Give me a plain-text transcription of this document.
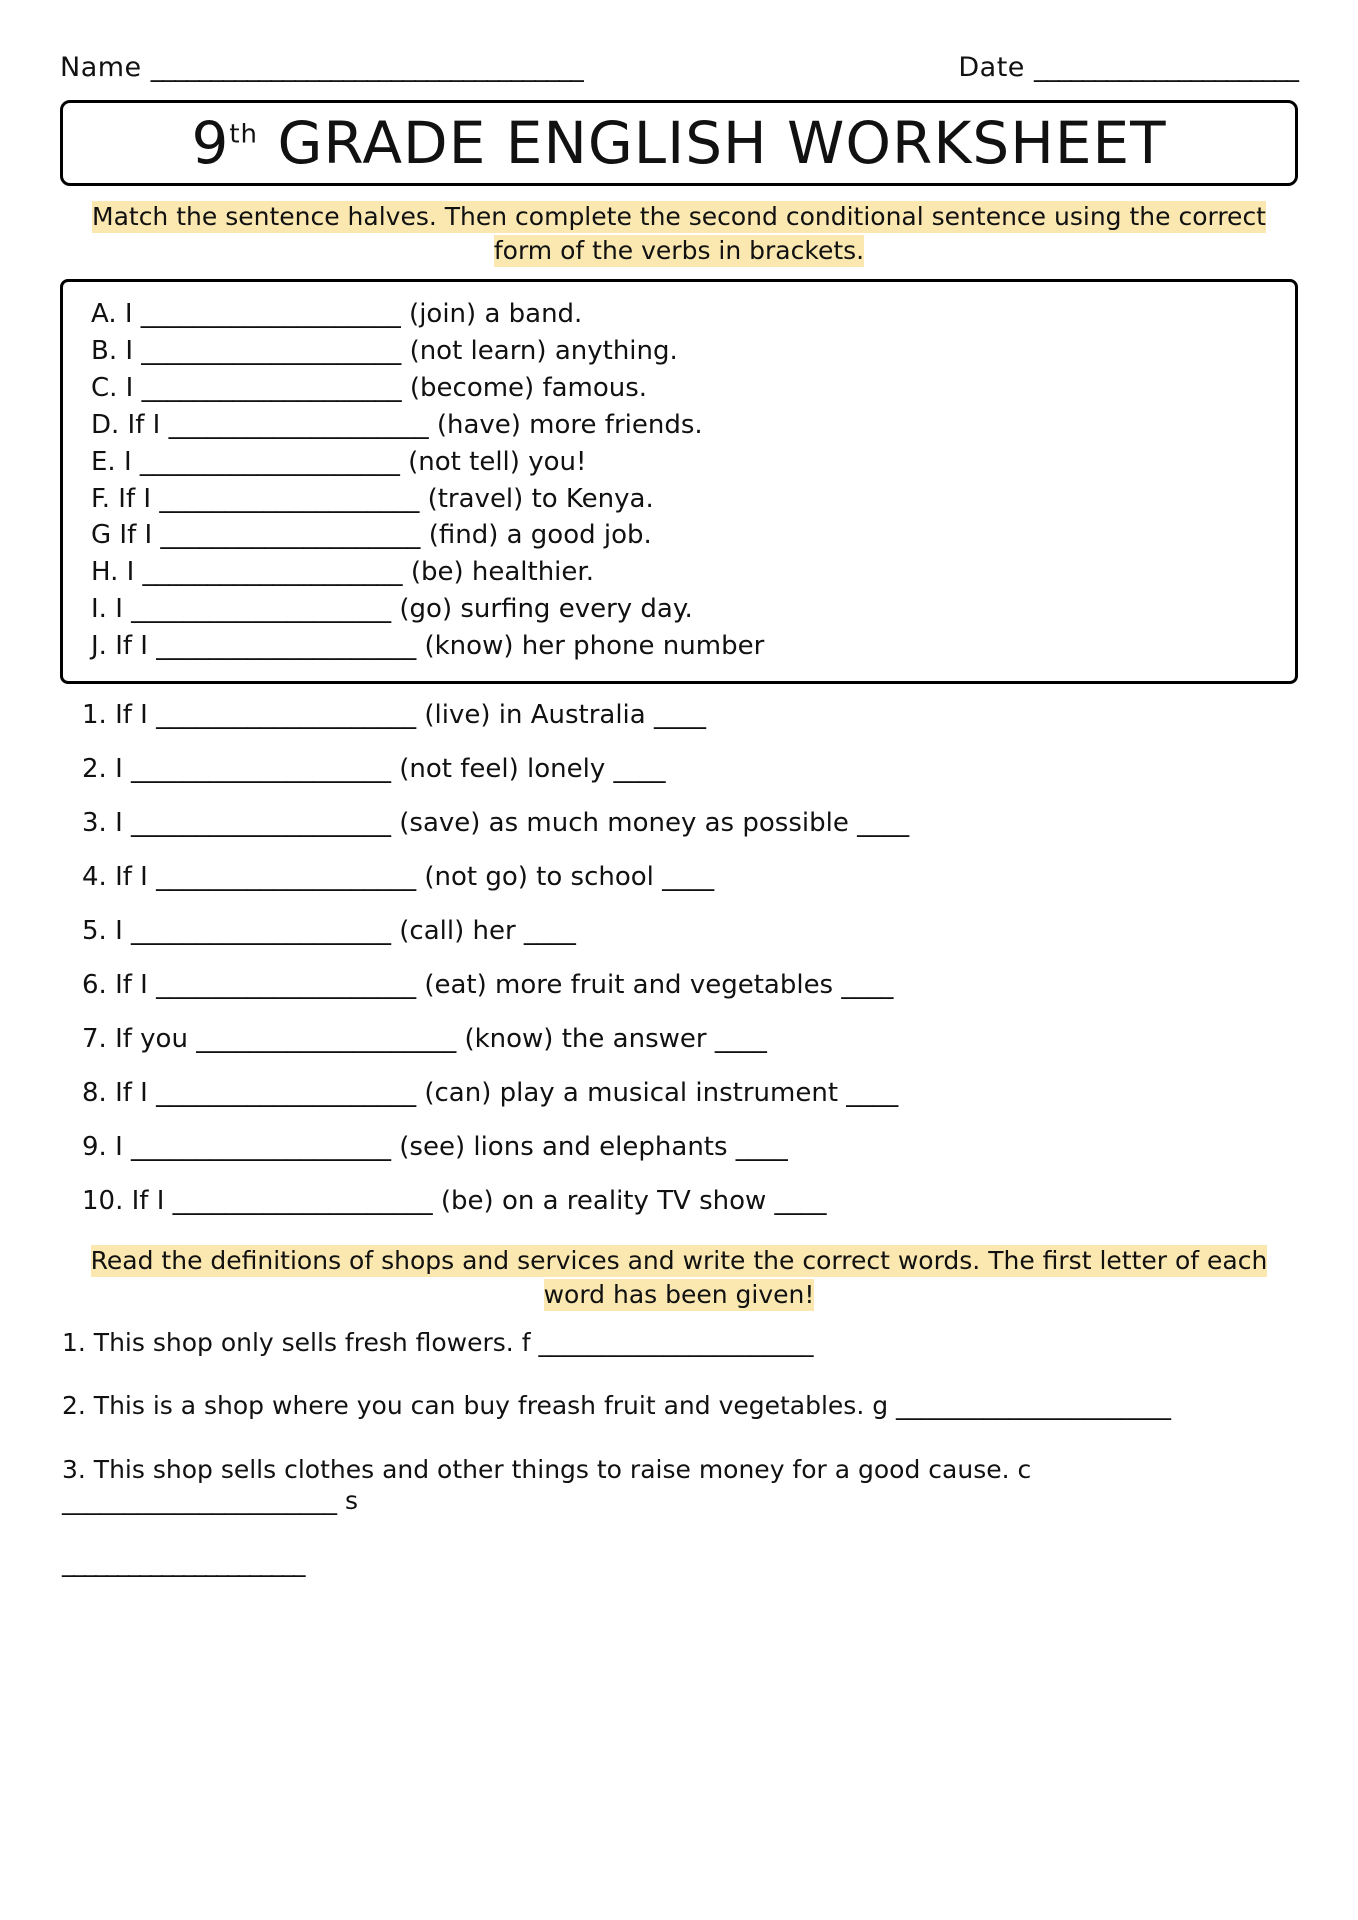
Name ____________________________________	Date ______________________
9th GRADE ENGLISH WORKSHEET
Match the sentence halves. Then complete the second conditional sentence using the correct form of the verbs in brackets.
A. I ____________________ (join) a band.
B. I ____________________ (not learn) anything.
C. I ____________________ (become) famous.
D. If I ____________________ (have) more friends.
E. I ____________________ (not tell) you!
F. If I ____________________ (travel) to Kenya.
G If I ____________________ (find) a good job.
H. I ____________________ (be) healthier.
I. I ____________________ (go) surfing every day.
J. If I ____________________ (know) her phone number
1. If I ____________________ (live) in Australia ____
2. I ____________________ (not feel) lonely ____
3. I ____________________ (save) as much money as possible ____
4. If I ____________________ (not go) to school ____
5. I ____________________ (call) her ____
6. If I ____________________ (eat) more fruit and vegetables ____
7. If you ____________________ (know) the answer ____
8. If I ____________________ (can) play a musical instrument ____
9. I ____________________ (see) lions and elephants ____
10. If I ____________________ (be) on a reality TV show ____
Read the definitions of shops and services and write the correct words. The first letter of each word has been given!
1. This shop only sells fresh flowers. f ______________________
2. This is a shop where you can buy freash fruit and vegetables. g ______________________
3. This shop sells clothes and other things to raise money for a good cause. c ______________________ s
______________________
